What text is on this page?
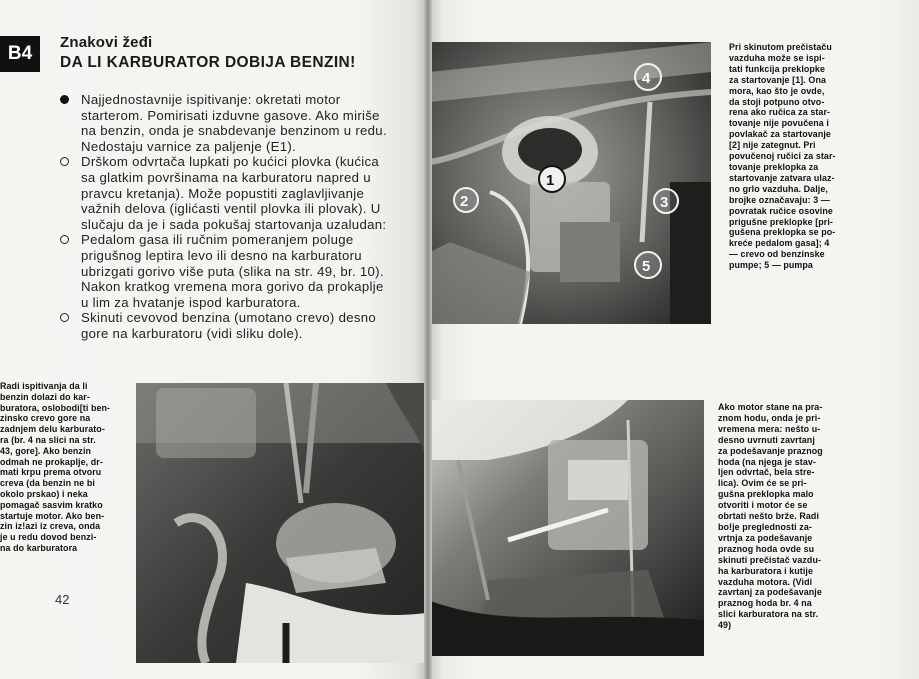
B4
Znakovi žeđi
DA LI KARBURATOR DOBIJA BENZIN!
Najjednostavnije ispitivanje: okretati motor starterom. Pomirisati izduvne gasove. Ako miriše na benzin, onda je snabdevanje benzinom u redu. Nedostaju varnice za paljenje (E1).
Drškom odvrtača lupkati po kućici plovka (kućica sa glatkim površinama na karburatoru napred u pravcu kretanja). Može popustiti zaglavljivanje važnih delova (iglićasti ventil plovka ili plovak). U slučaju da je i sada pokušaj startovanja uzaludan:
Pedalom gasa ili ručnim pomeranjem poluge prigušnog leptira levo ili desno na karburatoru ubrizgati gorivo više puta (slika na str. 49, br. 10). Nakon kratkog vremena mora gorivo da prokaplje u lim za hvatanje ispod karburatora.
Skinuti cevovod benzina (umotano crevo) desno gore na karburatoru (vidi sliku dole).
Radi ispitivanja da li
benzin dolazi do kar-
buratora, oslobodi[ti ben-
zinsko crevo gore na
zadnjem delu karburato-
ra (br. 4 na slici na str.
43, gore]. Ako benzin
odmah ne prokaplje, dr-
mati krpu prema otvoru
creva (da benzin ne bi
okolo prskao) i neka
pomagač sasvim kratko
startuje motor. Ako ben-
zin iz!azi iz creva, onda
je u redu dovod benzi-
na do karburatora
42
1
2	3
4
5
Pri skinutom prečistaču
vazduha može se ispi-
tati funkcija preklopke
za startovanje [1]. Ona
mora, kao što je ovde,
da stoji potpuno otvo-
rena ako ručica za star-
tovanje nije povučena i
povlakač za startovanje
[2] nije zategnut. Pri
povučenoj ručici za star-
tovanje preklopka za
startovanje zatvara ulaz-
no grlo vazduha. Dalje,
brojke označavaju: 3 —
povratak ručice osovine
prigušne preklopke [pri-
gušena preklopka se po-
kreće pedalom gasa]; 4
— crevo od benzinske
pumpe; 5 — pumpa
Ako motor stane na pra-
znom hodu, onda je pri-
vremena mera: nešto u-
desno uvrnuti zavrtanj
za podešavanje praznog
hoda (na njega je stav-
ljen odvrtač, bela stre-
lica). Ovim će se pri-
gušna preklopka malo
otvoriti i motor će se
obrtati nešto brže. Radi
bo!je preglednosti za-
vrtnja za podešavanje
praznog hoda ovde su
skinuti prečistač vazdu-
ha karburatora i kutije
vazduha motora. (Vidi
zavrtanj za podešavanje
praznog hoda br. 4 na
slici karburatora na str.
49)
